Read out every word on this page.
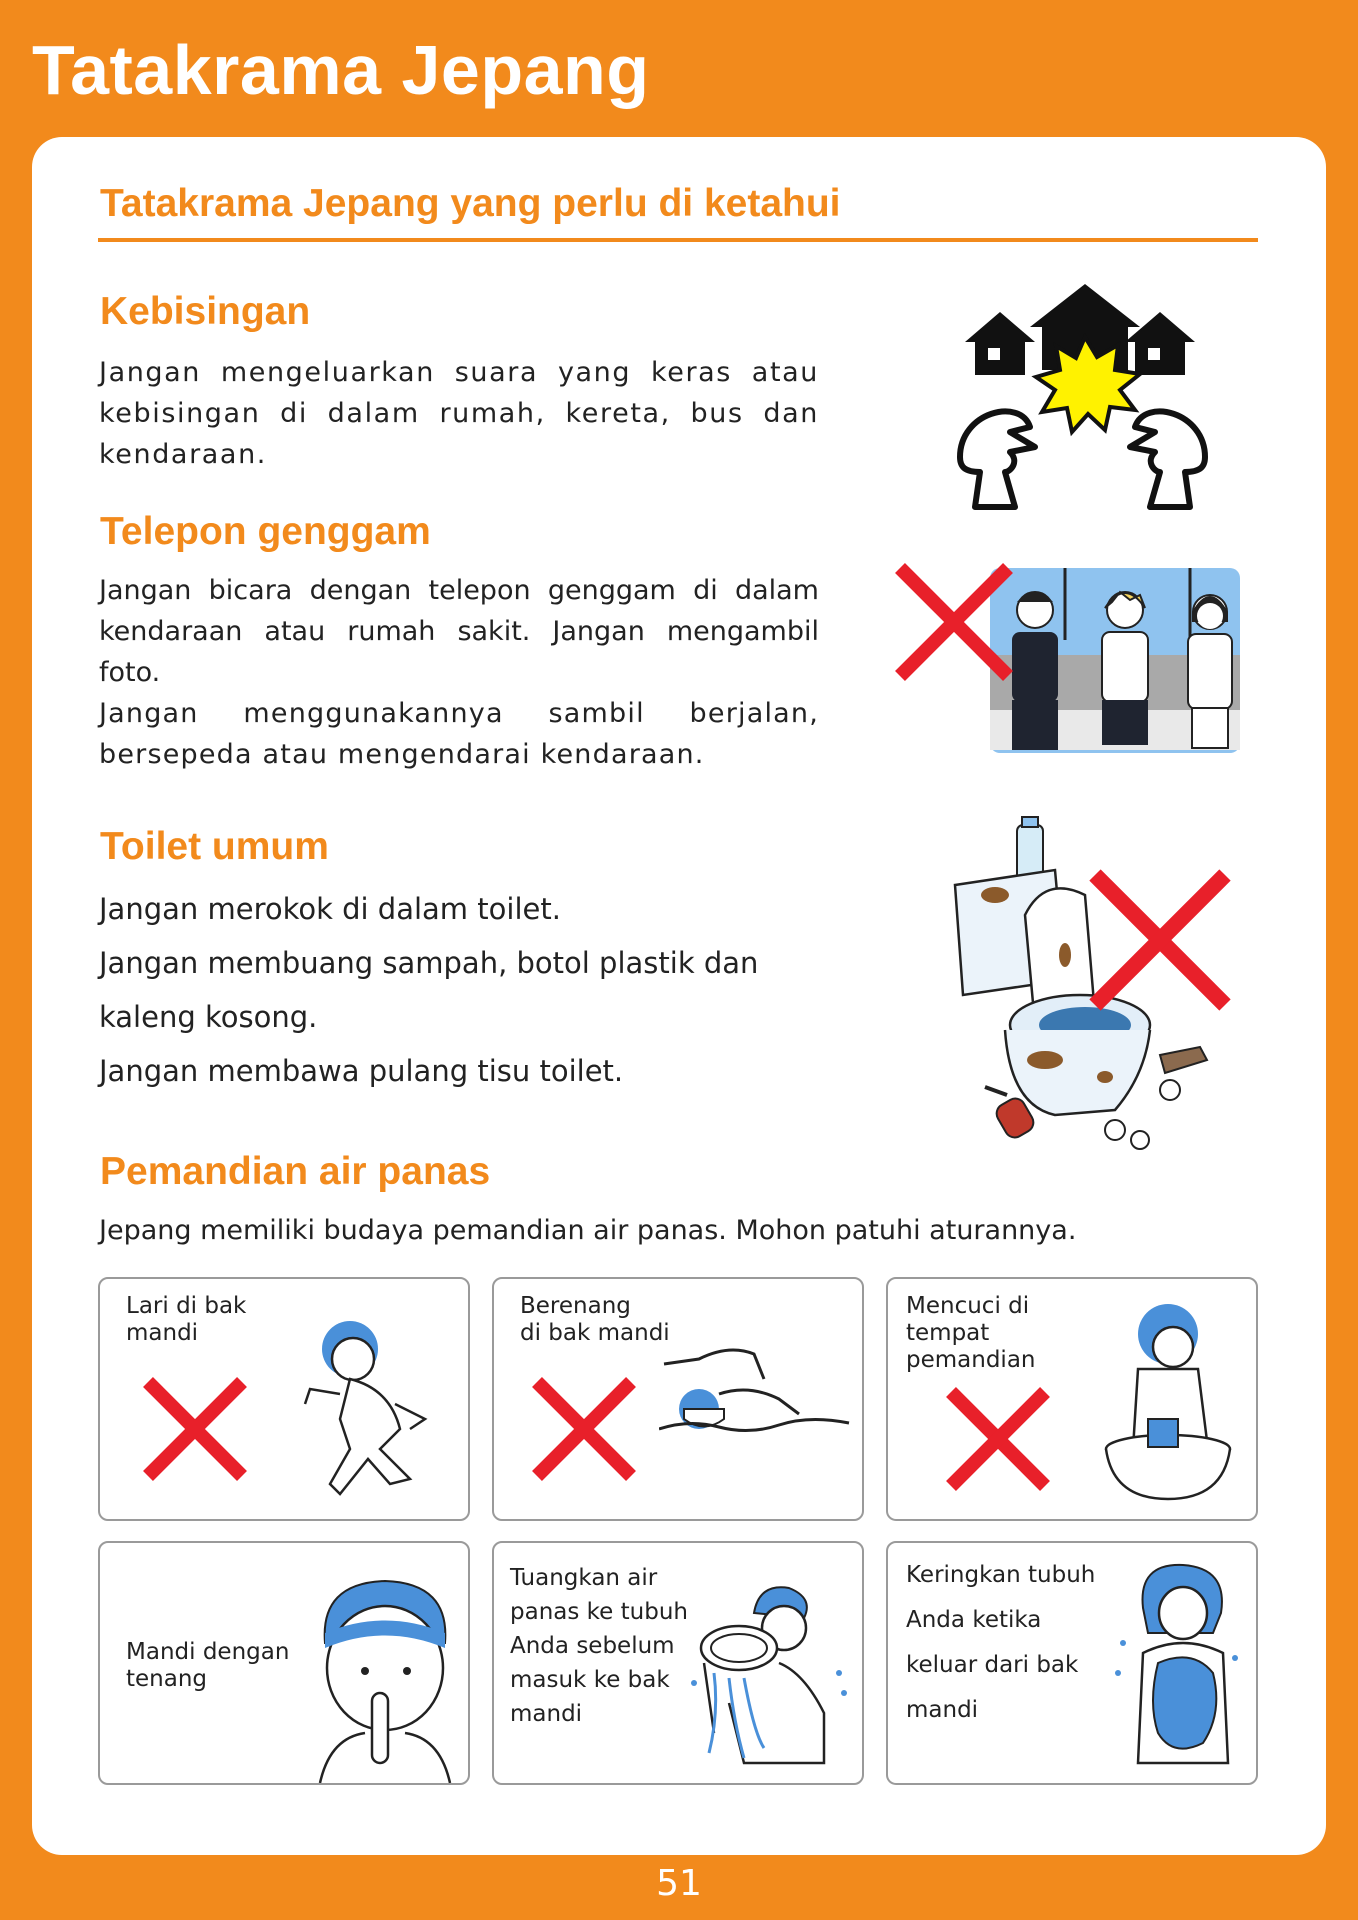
Tatakrama Jepang
Tatakrama Jepang yang perlu di ketahui
Kebisingan

Jangan mengeluarkan suara yang keras atau kebisingan di dalam rumah, kereta, bus dan kendaraan.

Telepon genggam

Jangan bicara dengan telepon genggam di dalam kendaraan atau rumah sakit. Jangan mengambil foto.

Jangan menggunakannya sambil berjalan, bersepeda atau mengendarai kendaraan.

Toilet umum

Jangan merokok di dalam toilet.

Jangan membuang sampah, botol plastik dan kaleng kosong.

Jangan membawa pulang tisu toilet.

Pemandian air panas

Jepang memiliki budaya pemandian air panas. Mohon patuhi aturannya.

Lari di bak
mandi
Berenang
di bak mandi
Mencuci di
tempat
pemandian
Mandi dengan
tenang
Tuangkan air
panas ke tubuh
Anda sebelum
masuk ke bak
mandi
Keringkan tubuh
Anda ketika
keluar dari bak
mandi
51
